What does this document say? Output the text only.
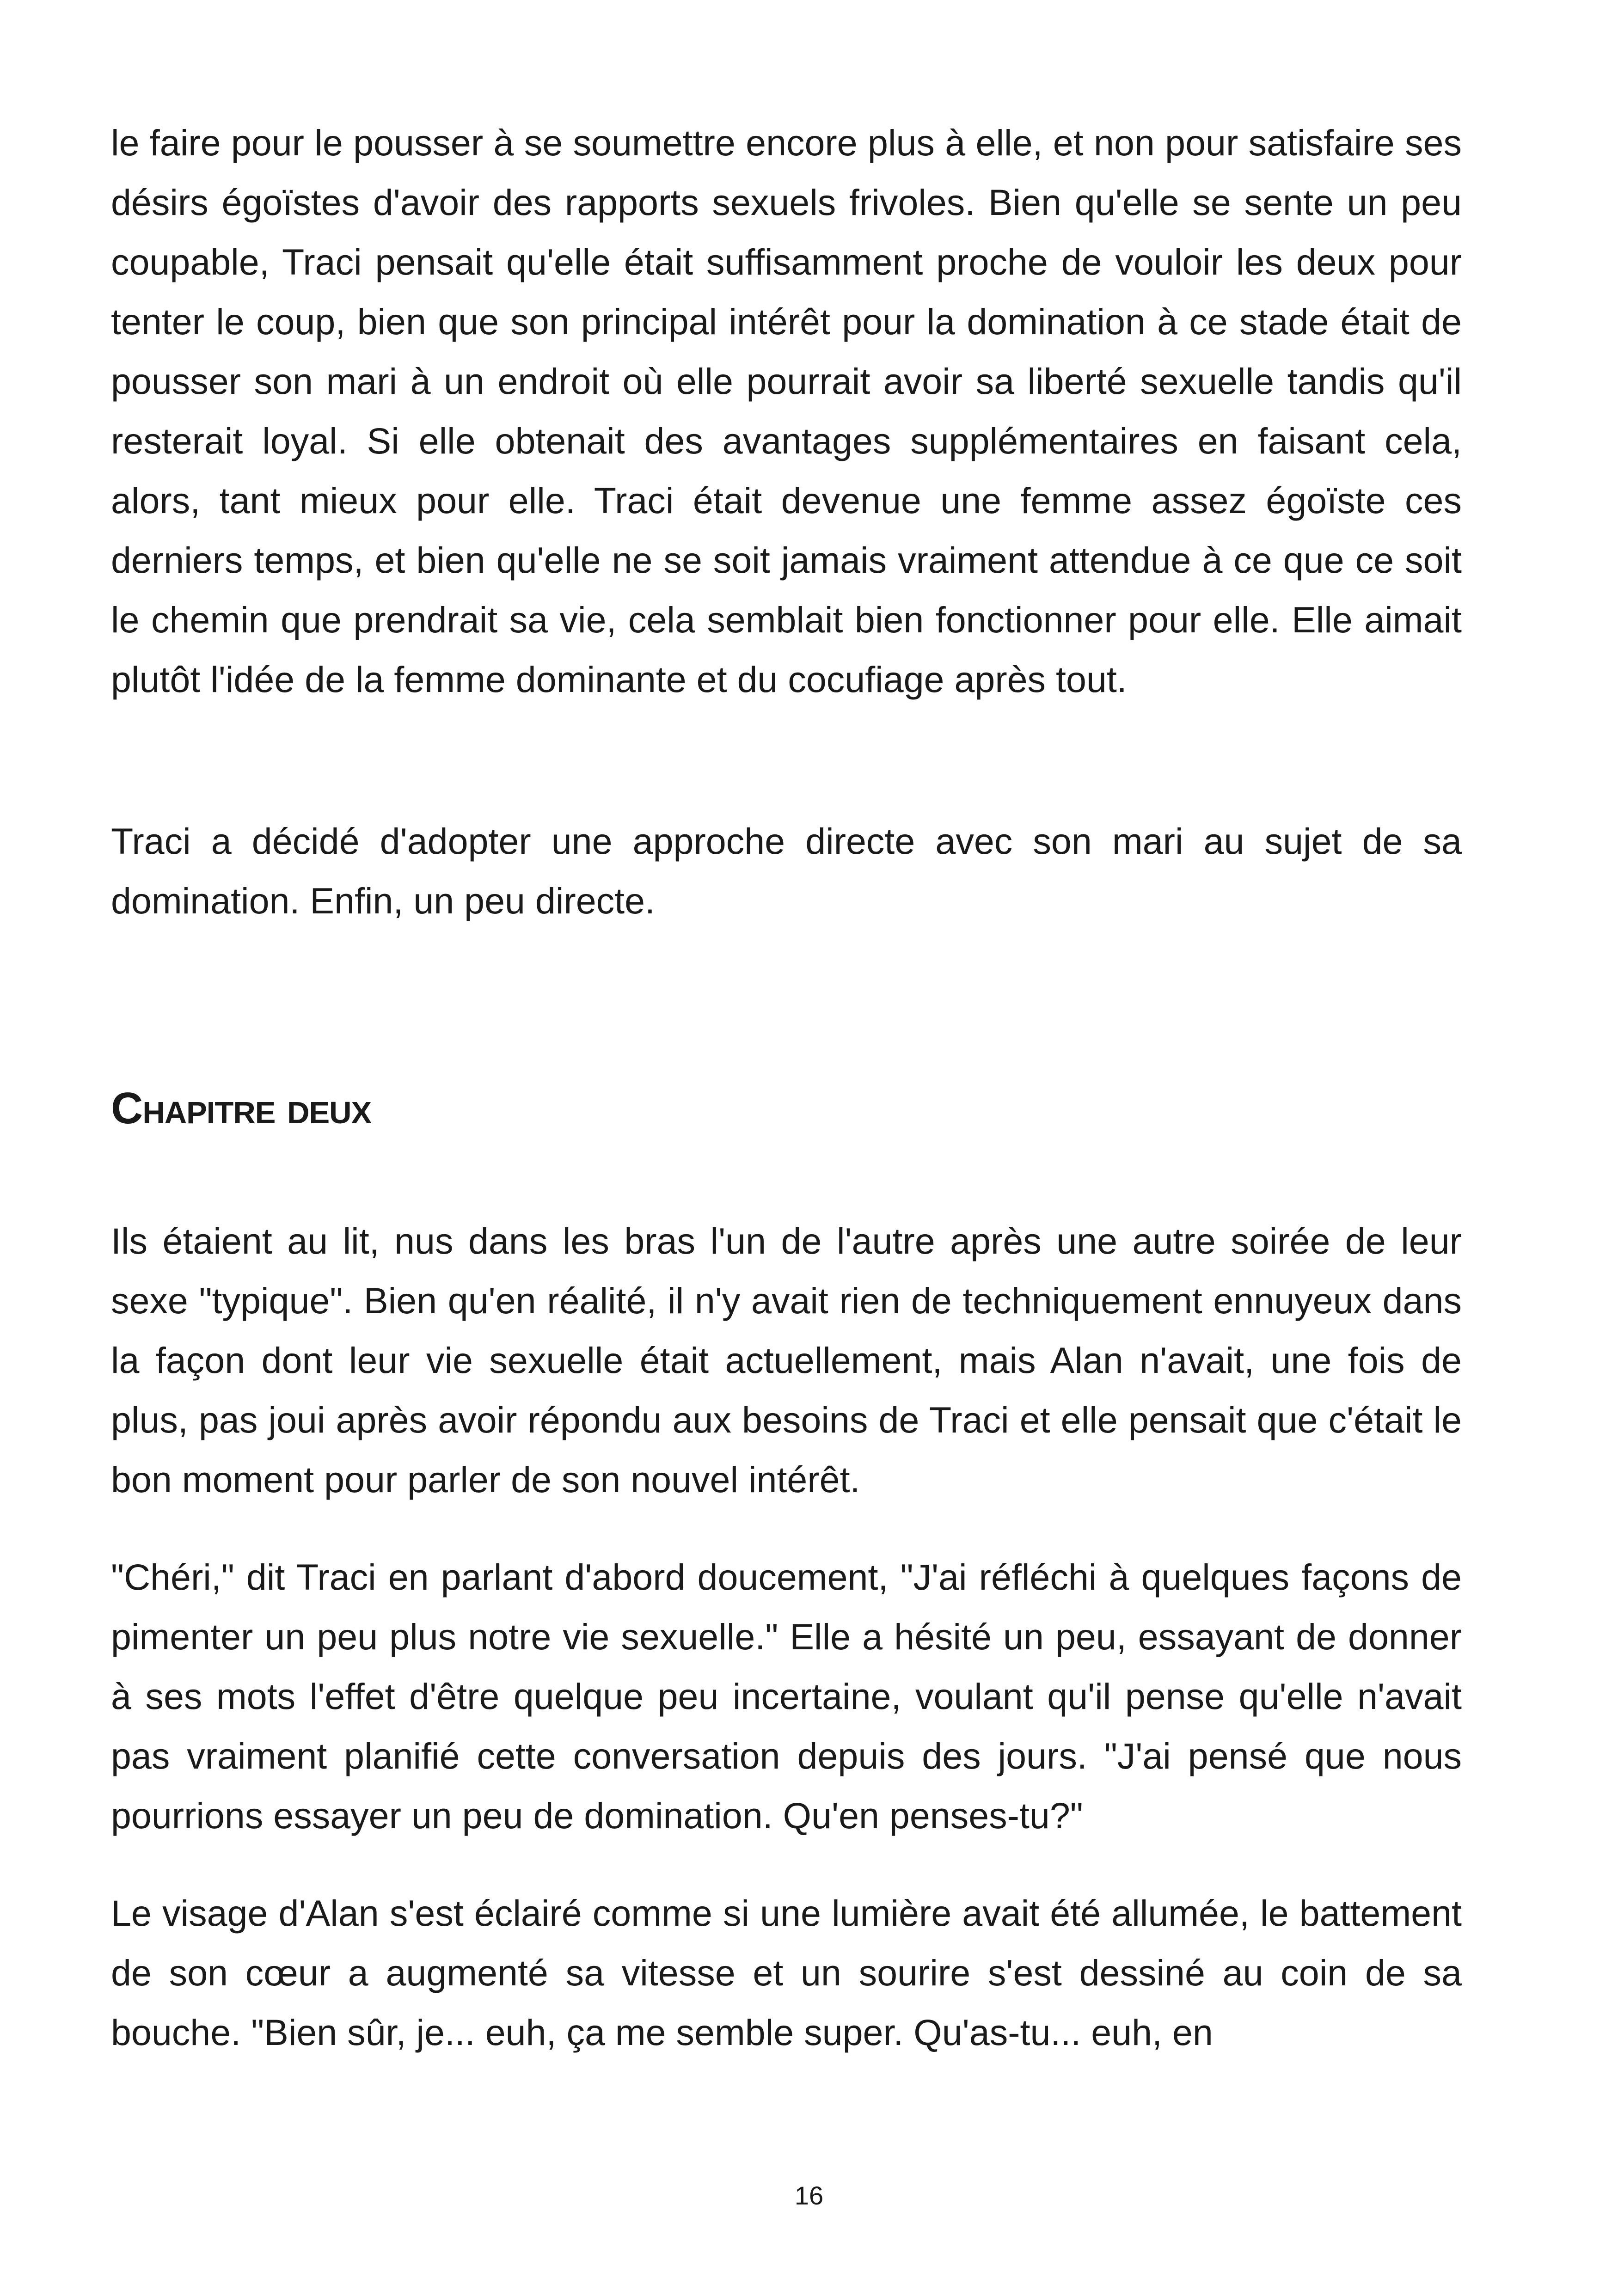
le faire pour le pousser à se soumettre encore plus à elle, et non pour satisfaire ses désirs égoïstes d'avoir des rapports sexuels frivoles. Bien qu'elle se sente un peu coupable, Traci pensait qu'elle était suffisamment proche de vouloir les deux pour tenter le coup, bien que son principal intérêt pour la domination à ce stade était de pousser son mari à un endroit où elle pourrait avoir sa liberté sexuelle tandis qu'il resterait loyal. Si elle obtenait des avantages supplémentaires en faisant cela, alors, tant mieux pour elle. Traci était devenue une femme assez égoïste ces derniers temps, et bien qu'elle ne se soit jamais vraiment attendue à ce que ce soit le chemin que prendrait sa vie, cela semblait bien fonctionner pour elle. Elle aimait plutôt l'idée de la femme dominante et du cocufiage après tout.

Traci a décidé d'adopter une approche directe avec son mari au sujet de sa domination. Enfin, un peu directe.

Chapitre deux

Ils étaient au lit, nus dans les bras l'un de l'autre après une autre soirée de leur sexe "typique". Bien qu'en réalité, il n'y avait rien de techniquement ennuyeux dans la façon dont leur vie sexuelle était actuellement, mais Alan n'avait, une fois de plus, pas joui après avoir répondu aux besoins de Traci et elle pensait que c'était le bon moment pour parler de son nouvel intérêt.

"Chéri," dit Traci en parlant d'abord doucement, "J'ai réfléchi à quelques façons de pimenter un peu plus notre vie sexuelle." Elle a hésité un peu, essayant de donner à ses mots l'effet d'être quelque peu incertaine, voulant qu'il pense qu'elle n'avait pas vraiment planifié cette conversation depuis des jours. "J'ai pensé que nous pourrions essayer un peu de domination. Qu'en penses-tu?"

Le visage d'Alan s'est éclairé comme si une lumière avait été allumée, le battement de son cœur a augmenté sa vitesse et un sourire s'est dessiné au coin de sa bouche. "Bien sûr, je... euh, ça me semble super. Qu'as-tu... euh, en

16
